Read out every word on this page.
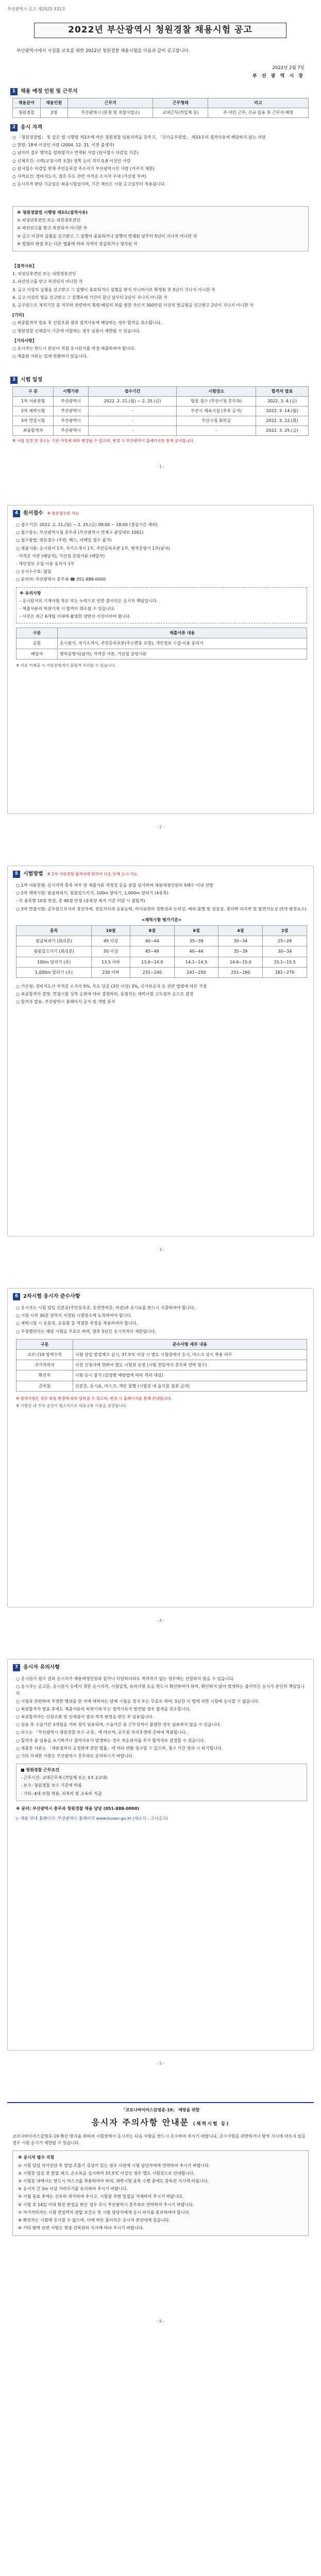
부산광역시 공고 제2022-331호
2022년 부산광역시 청원경찰 채용시험 공고
부산광역시에서 시설물 보호를 위한 2022년 청원경찰 채용시험을 다음과 같이 공고합니다.
2022년 2월 7일
부 산 광 역 시 장
1 채용 예정 인원 및 근무지
채용분야	채용인원	근무지	근무형태	비고
청원경찰	2명	부산광역시 (본청 및 직할사업소)	교대근무(격일제 등)	주·야간 근무, 신규 임용 후 근무지 배정
2 응시 자격

○ 「청원경찰법」 및 같은 법 시행령 제3조에 따른 청원경찰 임용자격을 갖추고, 「국가공무원법」 제33조의 결격사유에 해당하지 않는 사람

○ 연령: 18세 이상인 사람 (2004. 12. 31. 이전 출생자)

○ 남자의 경우 병역을 필하였거나 면제된 사람 (원서접수 마감일 기준)

○ 신체조건: 시력(교정시력 포함) 양쪽 눈이 각각 0.8 이상인 사람

○ 원서접수 마감일 현재 주민등록상 주소지가 부산광역시인 사람 (거주지 제한)

○ 자격요건: 경비지도사, 경호·무도 관련 자격증 소지자 우대 (가산점 부여)

○ 응시자격 판단 기준일은 최종시험일이며, 기간 계산은 시험 공고일부터 적용됩니다.

※ 청원경찰법 시행령 제3조(결격사유)

① 피성년후견인 또는 피한정후견인

② 파산선고를 받고 복권되지 아니한 자

③ 금고 이상의 실형을 선고받고 그 집행이 종료되거나 집행이 면제된 날부터 5년이 지나지 아니한 자

④ 법원의 판결 또는 다른 법률에 따라 자격이 상실되거나 정지된 자

【결격사유】

1. 피성년후견인 또는 피한정후견인

2. 파산선고를 받고 복권되지 아니한 자

3. 금고 이상의 실형을 선고받고 그 집행이 종료되거나 집행을 받지 아니하기로 확정된 후 5년이 지나지 아니한 자

4. 금고 이상의 형을 선고받고 그 집행유예 기간이 끝난 날부터 2년이 지나지 아니한 자

5. 공무원으로 재직기간 중 직무와 관련하여 횡령·배임의 죄를 범한 자로서 300만원 이상의 벌금형을 선고받고 2년이 지나지 아니한 자

[기타]

○ 최종합격자 발표 후 신원조회 결과 결격사유에 해당하는 경우 합격을 취소합니다.

○ 청원경찰 신체검사 기준에 미달하는 경우 임용이 제한될 수 있습니다.

【기타사항】

○ 응시자는 반드시 본인이 직접 응시원서를 작성·제출하여야 합니다.

○ 제출된 서류는 일체 반환하지 않습니다.

3 시험 일정
구 분	시행기관	접수기간	시험장소	합격자 발표
1차 서류전형	부산광역시	2022. 2. 21.(월) ~ 2. 25.(금)	방문 접수 (부산시청 총무과)	2022. 3. 4.(금)
2차 체력시험	부산광역시	-	부산시 체육시설 (추후 공지)	2022. 3. 14.(월)
3차 면접시험	부산광역시	-	부산시청 회의실	2022. 3. 22.(화)
최종합격자	부산광역시	-	-	2022. 3. 25.(금)

※ 시험 일정 및 장소는 기관 사정에 따라 변경될 수 있으며, 변경 시 부산광역시 홈페이지를 통해 공지합니다.

- 1 -
4 원서접수 ※ 방문접수만 가능

○ 접수기간: 2022. 2. 21.(월) ~ 2. 25.(금) 09:00 ~ 18:00 (점심시간 제외)

○ 접수장소: 부산광역시청 총무과 (부산광역시 연제구 중앙대로 1001)

○ 접수방법: 방문접수 (우편, 팩스, 이메일 접수 불가)

○ 제출서류: 응시원서 1부, 자기소개서 1부, 주민등록초본 1부, 병적증명서 1부(남자)

- 자격증 사본 (해당자), 가산점 증빙서류 (해당자)

- 개인정보 수집·이용 동의서 1부

○ 응시수수료: 없음

○ 문의처: 부산광역시 총무과 ☎ 051-888-0000

※ 유의사항

- 응시원서의 기재사항 착오 또는 누락으로 인한 불이익은 응시자 책임입니다.

- 제출서류의 허위기재 시 합격이 취소될 수 있습니다.

- 사진은 최근 6개월 이내에 촬영한 상반신 사진이어야 합니다.

구분	제출서류 내용
공통	응시원서, 자기소개서, 주민등록초본(주소변동 포함), 개인정보 수집·이용 동의서
해당자	병적증명서(남자), 자격증 사본, 가산점 증빙서류

※ 서류 미제출 시 서류전형에서 불합격 처리될 수 있습니다.

- 2 -
5 시험방법 ※ 1차 서류전형 합격자에 한하여 다음 단계 응시 가능

○ 1차 서류전형: 응시자격 충족 여부 및 제출서류 적정성 등을 종합 심사하여 채용예정인원의 5배수 이내 선발

○ 2차 체력시험: 팔굽혀펴기, 윗몸일으키기, 100m 달리기, 1,000m 달리기 (4종목)

- 각 종목별 10점 만점, 총 40점 만점 (종목당 최저 기준 미달 시 불합격)

○ 3차 면접시험: 공무원으로서의 정신자세, 전문지식과 응용능력, 의사표현의 정확성과 논리성, 예의·품행 및 성실성, 창의력·의지력 및 발전가능성 (5개 평정요소)

<체력시험 평가기준>

종목	10점	8점	6점	4점	2점
팔굽혀펴기 (회/1분)	45 이상	40~44	35~39	30~34	25~29
윗몸일으키기 (회/1분)	50 이상	45~49	40~44	35~39	30~34
100m 달리기 (초)	13.5 이하	13.6~14.0	14.1~14.5	14.6~15.0	15.1~15.5
1,000m 달리기 (초)	230 이하	231~240	241~250	251~260	261~270

○ 가산점: 경비지도사 자격증 소지자 5%, 무도 단증 (3단 이상) 3%, 국가유공자 등 관련 법령에 따른 가점

○ 최종합격자 결정: 면접시험 성적 순위에 따라 결정하되, 동점자는 체력시험 고득점자 순으로 결정

○ 합격자 발표: 부산광역시 홈페이지 공지 및 개별 통지

- 3 -
6 2차시험 응시자 준수사항

○ 응시자는 시험 당일 신분증(주민등록증, 운전면허증, 여권)과 응시표를 반드시 지참하여야 합니다.

○ 시험 시작 30분 전까지 지정된 시험장소에 도착하여야 합니다.

○ 체력시험 시 운동복, 운동화 등 적절한 복장을 착용하여야 합니다.

○ 부정행위자는 해당 시험을 무효로 하며, 향후 5년간 응시자격이 제한됩니다.

구분	준수사항 세부 내용
코로나19 방역수칙	시험 당일 발열체크 실시, 37.5℃ 이상 시 별도 시험장에서 응시, 마스크 상시 착용 의무
자가격리자	사전 신청자에 한하여 별도 시험장 운영 (시험 전일까지 총무과 연락 필수)
확진자	시험 응시 불가 (감염병 예방법에 따라 격리 대상)
준비물	신분증, 응시표, 마스크, 개인 물병 (시험장 내 음식물 섭취 금지)

※ 방역지침은 정부 방침 변경에 따라 달라질 수 있으며, 변경 시 홈페이지를 통해 안내합니다.

※ 시험장 내 주차 공간이 협소하므로 대중교통 이용을 권장합니다.

- 4 -
7 응시자 유의사항

○ 응시원서 접수 결과 응시자가 채용예정인원과 같거나 미달하더라도 적격자가 없는 경우에는 선발하지 않을 수 있습니다.

○ 응시자는 공고문, 응시원서 등에서 정한 응시자격, 시험일정, 유의사항 등을 반드시 확인하여야 하며, 확인하지 않아 발생하는 불이익은 응시자 본인의 책임입니다.

○ 시험과 관련하여 부정한 행위를 한 자에 대하여는 당해 시험을 정지 또는 무효로 하며, 5년간 이 법에 의한 시험에 응시할 수 없습니다.

○ 최종합격자 발표 후에도 제출서류의 허위기재 또는 결격사유가 발견될 경우 합격을 취소합니다.

○ 최종합격자는 신원조회 및 신체검사 결과 적격 판정을 받은 후 임용됩니다.

○ 임용 후 수습기간 3개월을 거쳐 정식 임용되며, 수습기간 중 근무성적이 불량한 경우 임용하지 않을 수 있습니다.

○ 보수는 「부산광역시 청원경찰 보수 규정」에 따르며, 공무원 복리후생에 준하여 적용합니다.

○ 합격자 중 임용을 포기하거나 결격사유가 발생하는 경우 차순위자를 추가 합격자로 결정할 수 있습니다.

○ 제출한 서류는 「채용절차의 공정화에 관한 법률」에 따라 반환 청구할 수 있으며, 청구 기간 경과 시 파기합니다.

○ 기타 자세한 사항은 부산광역시 총무과로 문의하시기 바랍니다.

■ 청원경찰 근무조건

- 근무시간: 교대근무제 (격일제 또는 3조 2교대)

- 보수: 청원경찰 보수 기준에 따름

- 기타: 4대 보험 적용, 피복비 및 교육비 지급

※ 문의: 부산광역시 총무과 청원경찰 채용 담당 (051-888-0000)

▷ 채용 안내 홈페이지: 부산광역시 홈페이지 www.busan.go.kr (새소식 - 고시공고)

- 5 -

「코로나바이러스감염증-19」 예방을 위한

응시자 주의사항 안내문 (체력시험 등)

코로나바이러스감염증-19 확산 방지를 위하여 시험장에서 응시자는 다음 사항을 반드시 준수하여 주시기 바랍니다. 준수사항을 위반하거나 방역 지시에 따르지 않을 경우 시험 응시가 제한될 수 있습니다.

※ 응시자 필수 지침

① 시험 당일 자가진단 후 발열·호흡기 증상이 있는 경우 사전에 시험 담당자에게 연락하여 주시기 바랍니다.

② 시험장 입실 전 발열 체크, 손소독을 실시하며 37.5℃ 이상인 경우 별도 시험장으로 안내합니다.

③ 시험장 내에서는 반드시 마스크를 착용하여야 하며, 체력시험 종목 수행 중에도 감독관 지시에 따릅니다.

④ 응시자 간 2m 이상 거리두기를 유지하여 주시기 바랍니다.

⑤ 시험 종료 후에는 신속히 귀가하여 주시고, 시험장 주변 밀집을 자제하여 주시기 바랍니다.

⑥ 시험 후 14일 이내 확진 판정을 받은 경우 즉시 부산광역시 총무과로 연락하여 주시기 바랍니다.

⑦ 자가격리자는 시험 전일까지 관할 보건소 및 시험 담당자에게 응시 의사를 통보하여야 합니다.

⑧ 확진자는 시험에 응시할 수 없으며, 이에 따른 불이익은 응시자 본인에게 있습니다.

⑨ 기타 방역 관련 사항은 현장 감독관의 지시에 따라 주시기 바랍니다.

- 6 -
